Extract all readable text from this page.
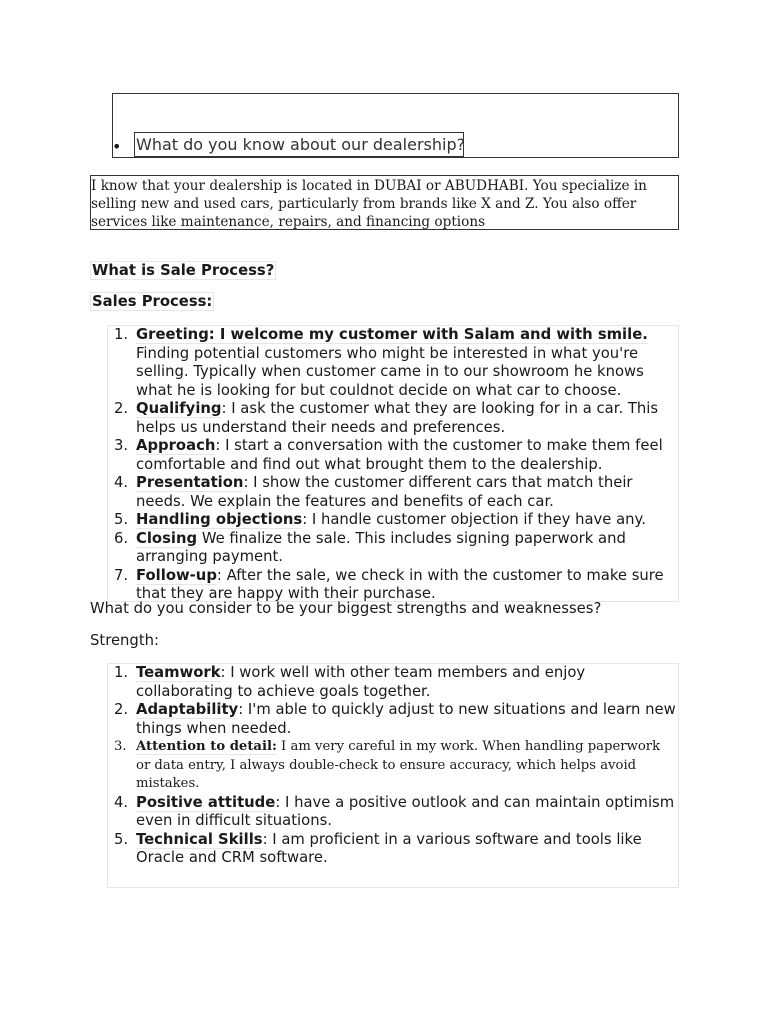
• What do you know about our dealership?
I know that your dealership is located in DUBAI or ABUDHABI. You specialize in selling new and used cars, particularly from brands like X and Z. You also offer services like maintenance, repairs, and financing options
What is Sale Process?
Sales Process:
1. Greeting: I welcome my customer with Salam and with smile. Finding potential customers who might be interested in what you're selling. Typically when customer came in to our showroom he knows what he is looking for but couldnot decide on what car to choose.
2. Qualifying: I ask the customer what they are looking for in a car. This helps us understand their needs and preferences.
3. Approach: I start a conversation with the customer to make them feel comfortable and find out what brought them to the dealership.
4. Presentation: I show the customer different cars that match their needs. We explain the features and benefits of each car.
5. Handling objections: I handle customer objection if they have any.
6. Closing We finalize the sale. This includes signing paperwork and arranging payment.
7. Follow-up: After the sale, we check in with the customer to make sure that they are happy with their purchase.
What do you consider to be your biggest strengths and weaknesses?
Strength:
1. Teamwork: I work well with other team members and enjoy collaborating to achieve goals together.
2. Adaptability: I'm able to quickly adjust to new situations and learn new things when needed.
3. Attention to detail: I am very careful in my work. When handling paperwork or data entry, I always double-check to ensure accuracy, which helps avoid mistakes.
4. Positive attitude: I have a positive outlook and can maintain optimism even in difficult situations.
5. Technical Skills: I am proficient in a various software and tools like Oracle and CRM software.
